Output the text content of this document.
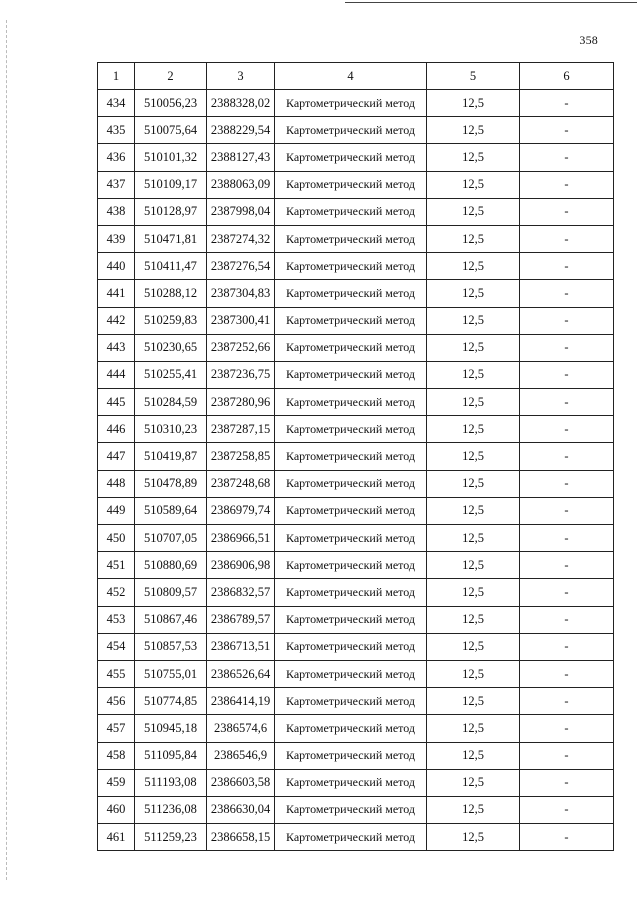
358
1	2	3	4	5	6
434	510056,23	2388328,02	Картометрический метод	12,5	-
435	510075,64	2388229,54	Картометрический метод	12,5	-
436	510101,32	2388127,43	Картометрический метод	12,5	-
437	510109,17	2388063,09	Картометрический метод	12,5	-
438	510128,97	2387998,04	Картометрический метод	12,5	-
439	510471,81	2387274,32	Картометрический метод	12,5	-
440	510411,47	2387276,54	Картометрический метод	12,5	-
441	510288,12	2387304,83	Картометрический метод	12,5	-
442	510259,83	2387300,41	Картометрический метод	12,5	-
443	510230,65	2387252,66	Картометрический метод	12,5	-
444	510255,41	2387236,75	Картометрический метод	12,5	-
445	510284,59	2387280,96	Картометрический метод	12,5	-
446	510310,23	2387287,15	Картометрический метод	12,5	-
447	510419,87	2387258,85	Картометрический метод	12,5	-
448	510478,89	2387248,68	Картометрический метод	12,5	-
449	510589,64	2386979,74	Картометрический метод	12,5	-
450	510707,05	2386966,51	Картометрический метод	12,5	-
451	510880,69	2386906,98	Картометрический метод	12,5	-
452	510809,57	2386832,57	Картометрический метод	12,5	-
453	510867,46	2386789,57	Картометрический метод	12,5	-
454	510857,53	2386713,51	Картометрический метод	12,5	-
455	510755,01	2386526,64	Картометрический метод	12,5	-
456	510774,85	2386414,19	Картометрический метод	12,5	-
457	510945,18	2386574,6	Картометрический метод	12,5	-
458	511095,84	2386546,9	Картометрический метод	12,5	-
459	511193,08	2386603,58	Картометрический метод	12,5	-
460	511236,08	2386630,04	Картометрический метод	12,5	-
461	511259,23	2386658,15	Картометрический метод	12,5	-
